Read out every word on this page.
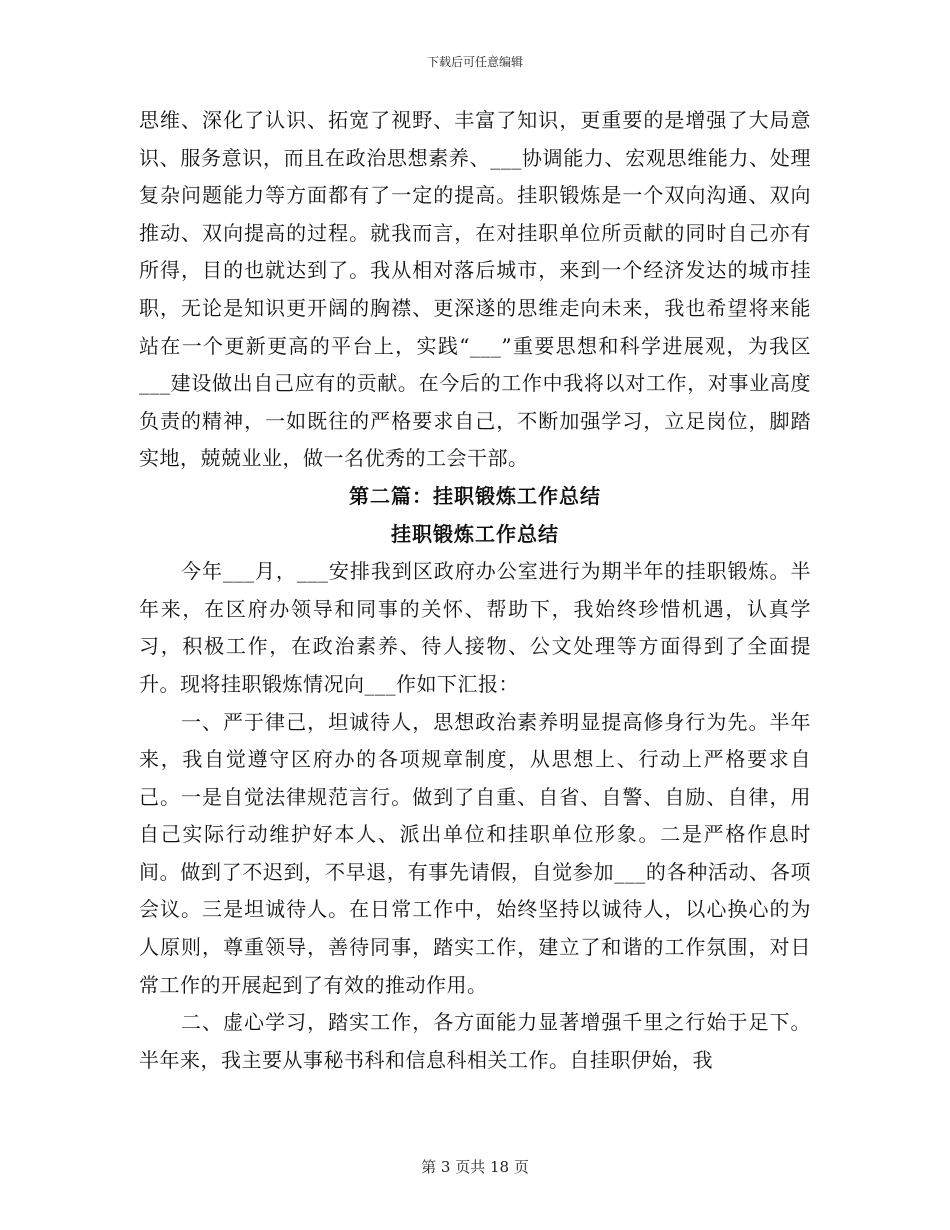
下载后可任意编辑

思维、深化了认识、拓宽了视野、丰富了知识，更重要的是增强了大局意识、服务意识，而且在政治思想素养、___协调能力、宏观思维能力、处理复杂问题能力等方面都有了一定的提高。挂职锻炼是一个双向沟通、双向推动、双向提高的过程。就我而言，在对挂职单位所贡献的同时自己亦有所得，目的也就达到了。我从相对落后城市，来到一个经济发达的城市挂职，无论是知识更开阔的胸襟、更深遂的思维走向未来，我也希望将来能站在一个更新更高的平台上，实践“___”重要思想和科学进展观，为我区___建设做出自己应有的贡献。在今后的工作中我将以对工作，对事业高度负责的精神，一如既往的严格要求自己，不断加强学习，立足岗位，脚踏实地，兢兢业业，做一名优秀的工会干部。

第二篇：挂职锻炼工作总结
挂职锻炼工作总结

今年___月，___安排我到区政府办公室进行为期半年的挂职锻炼。半年来，在区府办领导和同事的关怀、帮助下，我始终珍惜机遇，认真学习，积极工作，在政治素养、待人接物、公文处理等方面得到了全面提升。现将挂职锻炼情况向___作如下汇报：

一、严于律己，坦诚待人，思想政治素养明显提高修身行为先。半年来，我自觉遵守区府办的各项规章制度，从思想上、行动上严格要求自己。一是自觉法律规范言行。做到了自重、自省、自警、自励、自律，用自己实际行动维护好本人、派出单位和挂职单位形象。二是严格作息时间。做到了不迟到，不早退，有事先请假，自觉参加___的各种活动、各项会议。三是坦诚待人。在日常工作中，始终坚持以诚待人，以心换心的为人原则，尊重领导，善待同事，踏实工作，建立了和谐的工作氛围，对日常工作的开展起到了有效的推动作用。

二、虚心学习，踏实工作，各方面能力显著增强千里之行始于足下。半年来，我主要从事秘书科和信息科相关工作。自挂职伊始，我

第 3 页共 18 页
